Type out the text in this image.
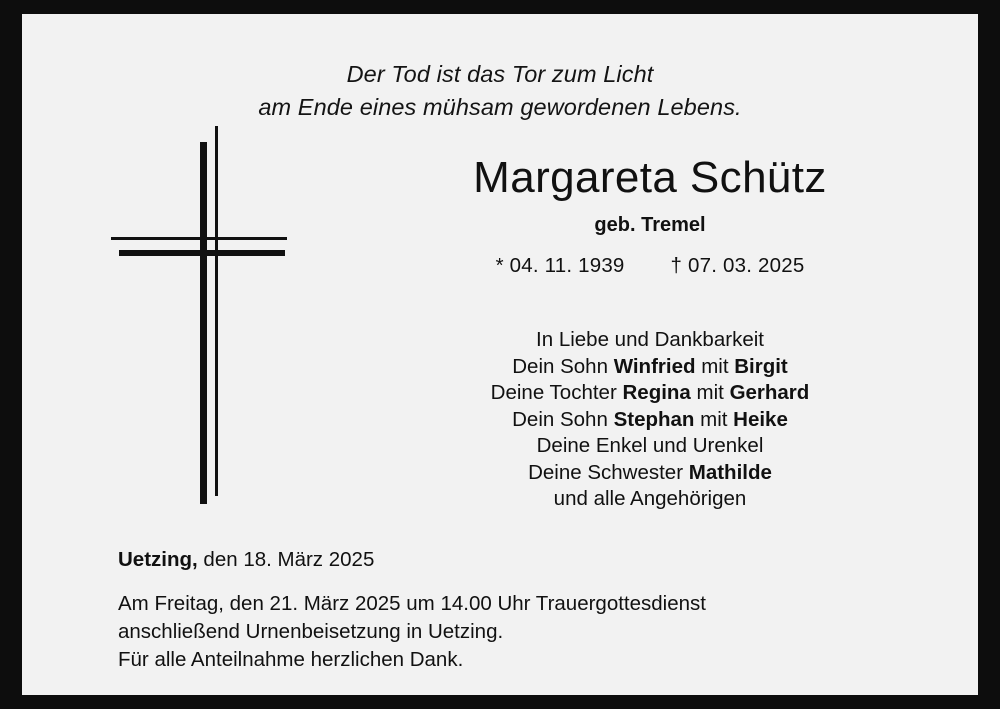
Der Tod ist das Tor zum Licht
am Ende eines mühsam gewordenen Lebens.
Margareta Schütz
geb. Tremel
* 04. 11. 1939 † 07. 03. 2025
In Liebe und Dankbarkeit
Dein Sohn Winfried mit Birgit
Deine Tochter Regina mit Gerhard
Dein Sohn Stephan mit Heike
Deine Enkel und Urenkel
Deine Schwester Mathilde
und alle Angehörigen
Uetzing, den 18. März 2025
Am Freitag, den 21. März 2025 um 14.00 Uhr Trauergottesdienst
anschließend Urnenbeisetzung in Uetzing.
Für alle Anteilnahme herzlichen Dank.
